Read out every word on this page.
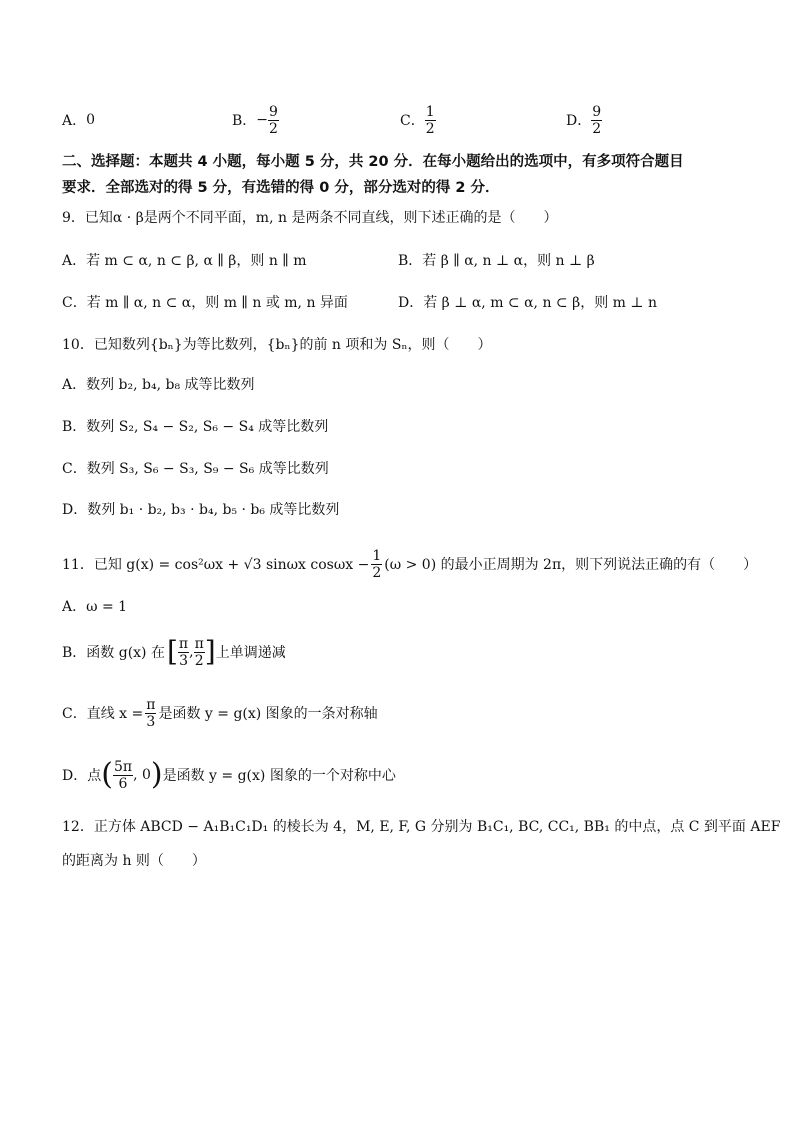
A． 0	B． − $\frac{9}{2}$	C． $\frac{1}{2}$	D． $\frac{9}{2}$
二、选择题：本题共 4 小题，每小题 5 分，共 20 分．在每小题给出的选项中，有多项符合题目
要求．全部选对的得 5 分，有选错的得 0 分，部分选对的得 2 分．
9．已知α · β是两个不同平面，m, n 是两条不同直线，则下述正确的是（　　）
A．若 m ⊂ α, n ⊂ β, α ∥ β，则 n ∥ m	B．若 β ∥ α, n ⊥ α，则 n ⊥ β
C．若 m ∥ α, n ⊂ α，则 m ∥ n 或 m, n 异面	D．若 β ⊥ α, m ⊂ α, n ⊂ β，则 m ⊥ n
10．已知数列{bₙ}为等比数列，{bₙ}的前 n 项和为 Sₙ，则（　　）
A．数列 b₂, b₄, b₈ 成等比数列
B．数列 S₂, S₄ − S₂, S₆ − S₄ 成等比数列
C．数列 S₃, S₆ − S₃, S₉ − S₆ 成等比数列
D．数列 b₁ · b₂, b₃ · b₄, b₅ · b₆ 成等比数列
11．已知 g(x) = cos²ωx + √3 sinωx $\cos\omega x - \frac{1}{2} (\omega > 0)$ 的最小正周期为 2π，则下列说法正确的有（　　）
A．ω = 1
B．函数 g(x) 在 [ $\frac{\pi}{3}$ , $\frac{\pi}{2}$ ] 上单调递减
C．直线 $x = \frac{\pi}{3}$ 是函数 y = g(x) 图象的一条对称轴
D．点 ( $\frac{5\pi}{6}$ , 0 ) 是函数 y = g(x) 图象的一个对称中心
12．正方体 ABCD − A₁B₁C₁D₁ 的棱长为 4，M, E, F, G 分别为 B₁C₁, BC, CC₁, BB₁ 的中点，点 C 到平面 AEF
的距离为 h 则（　　）
